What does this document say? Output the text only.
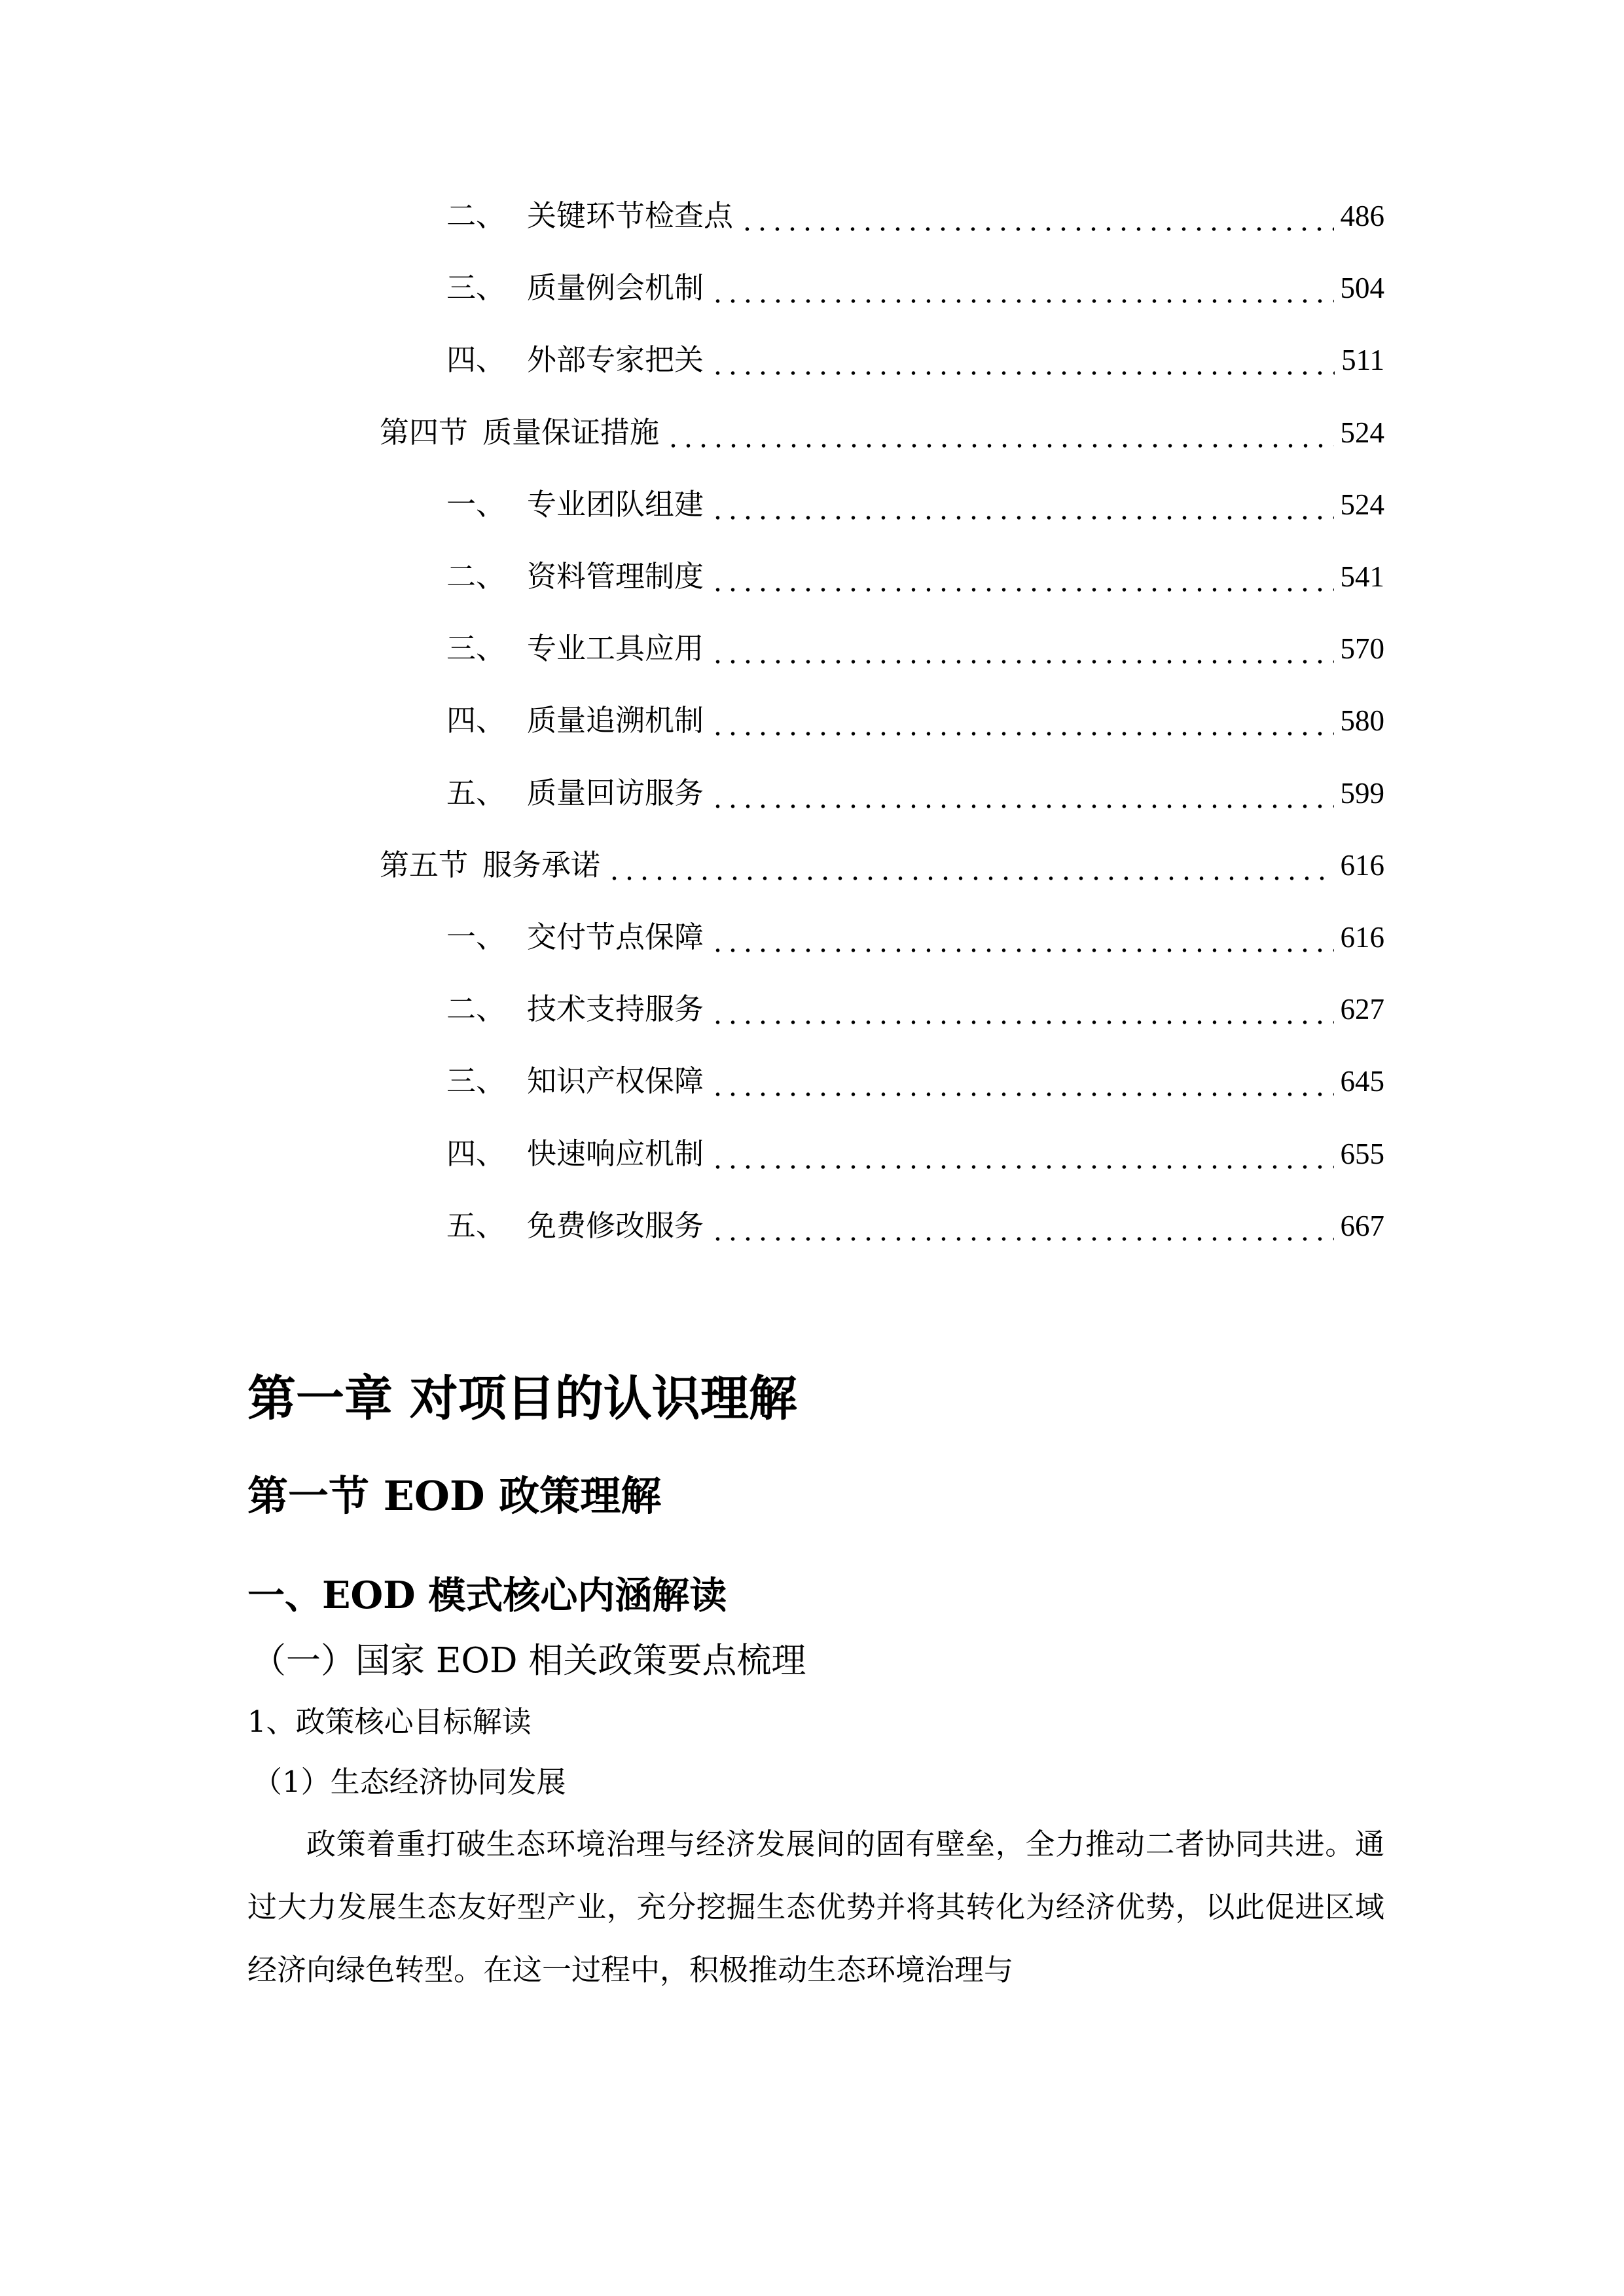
二、 关键环节检查点	486
三、 质量例会机制	504
四、 外部专家把关	511
第四节 质量保证措施	524
一、 专业团队组建	524
二、 资料管理制度	541
三、 专业工具应用	570
四、 质量追溯机制	580
五、 质量回访服务	599
第五节 服务承诺	616
一、 交付节点保障	616
二、 技术支持服务	627
三、 知识产权保障	645
四、 快速响应机制	655
五、 免费修改服务	667
第一章 对项目的认识理解
第一节 EOD 政策理解
一、EOD 模式核心内涵解读
（一）国家 EOD 相关政策要点梳理
1、政策核心目标解读
（1）生态经济协同发展

政策着重打破生态环境治理与经济发展间的固有壁垒，全力推动二者协同共进。通过大力发展生态友好型产业，充分挖掘生态优势并将其转化为经济优势，以此促进区域经济向绿色转型。在这一过程中，积极推动生态环境治理与
